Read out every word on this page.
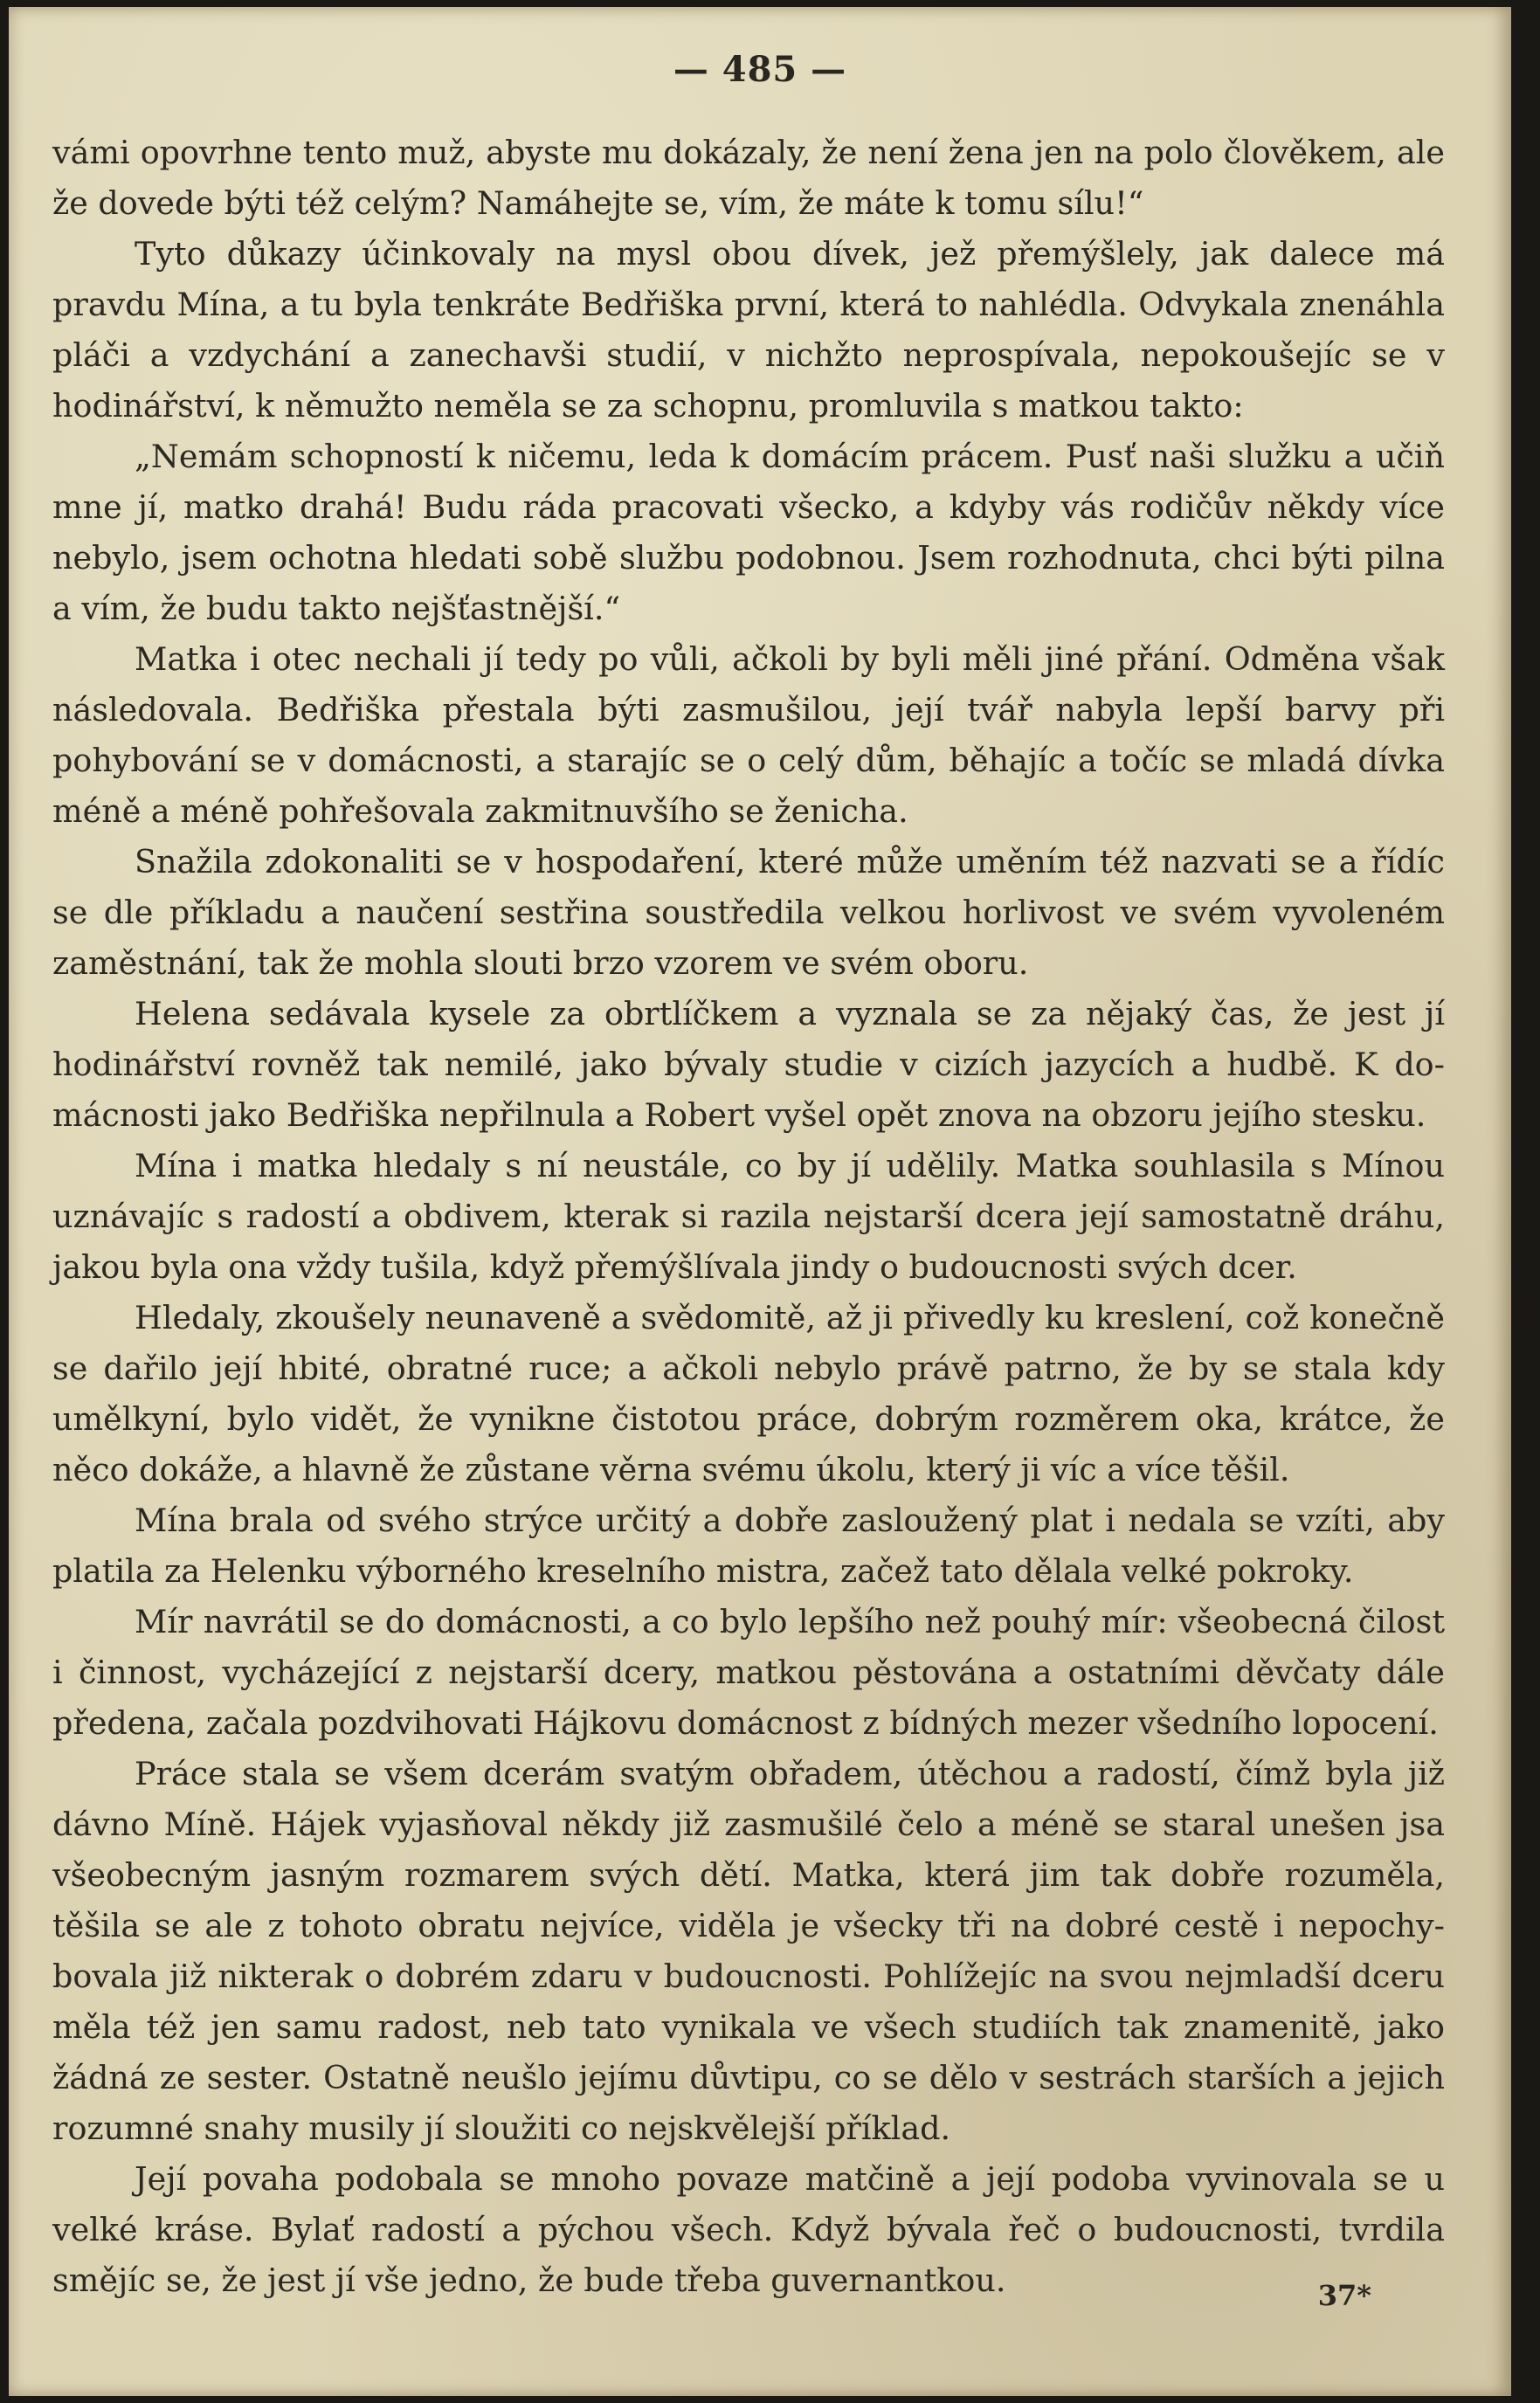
— 485 —

vámi opovrhne tento muž, abyste mu dokázaly, že není žena jen na polo člověkem, ale že dovede býti též celým? Namáhejte se, vím, že máte k tomu sílu!“

Tyto důkazy účinkovaly na mysl obou dívek, jež přemýšlely, jak dalece má pravdu Mína, a tu byla tenkráte Bedřiška první, která to nahlédla. Odvykala znenáhla pláči a vzdychání a zanechavši studií, v nichžto neprospívala, nepokoušejíc se v hodinářství, k němužto neměla se za schopnu, promluvila s matkou takto:

„Nemám schopností k ničemu, leda k domácím prácem. Pusť naši služku a učiň mne jí, matko drahá! Budu ráda pracovati všecko, a kdyby vás rodičův někdy více nebylo, jsem ochotna hledati sobě službu podobnou. Jsem rozhodnuta, chci býti pilna a vím, že budu takto nejšťastnější.“

Matka i otec nechali jí tedy po vůli, ačkoli by byli měli jiné přání. Odměna však následovala. Bedřiška přestala býti zasmušilou, její tvář nabyla lepší barvy při pohybování se v domácnosti, a starajíc se o celý dům, běhajíc a točíc se mladá dívka méně a méně pohřešovala zakmitnuvšího se ženicha.

Snažila zdokonaliti se v hospodaření, které může uměním též nazvati se a řídíc se dle příkladu a naučení sestřina soustředila velkou horlivost ve svém vyvoleném zaměstnání, tak že mohla slouti brzo vzorem ve svém oboru.

Helena sedávala kysele za obrtlíčkem a vyznala se za nějaký čas, že jest jí hodinářství rovněž tak nemilé, jako bývaly studie v cizích jazycích a hudbě. K domácnosti jako Bedřiška nepřilnula a Robert vyšel opět znova na obzoru jejího stesku.

Mína i matka hledaly s ní neustále, co by jí udělily. Matka souhlasila s Mínou uznávajíc s radostí a obdivem, kterak si razila nejstarší dcera její samostatně dráhu, jakou byla ona vždy tušila, když přemýšlívala jindy o budoucnosti svých dcer.

Hledaly, zkoušely neunaveně a svědomitě, až ji přivedly ku kreslení, což konečně se dařilo její hbité, obratné ruce; a ačkoli nebylo právě patrno, že by se stala kdy umělkyní, bylo vidět, že vynikne čistotou práce, dobrým rozměrem oka, krátce, že něco dokáže, a hlavně že zůstane věrna svému úkolu, který ji víc a více těšil.

Mína brala od svého strýce určitý a dobře zasloužený plat i nedala se vzíti, aby platila za Helenku výborného kreselního mistra, začež tato dělala velké pokroky.

Mír navrátil se do domácnosti, a co bylo lepšího než pouhý mír: všeobecná čilost i činnost, vycházející z nejstarší dcery, matkou pěstována a ostatními děvčaty dále předena, začala pozdvihovati Hájkovu domácnost z bídných mezer všedního lopocení.

Práce stala se všem dcerám svatým obřadem, útěchou a radostí, čímž byla již dávno Míně. Hájek vyjasňoval někdy již zasmušilé čelo a méně se staral unešen jsa všeobecným jasným rozmarem svých dětí. Matka, která jim tak dobře rozuměla, těšila se ale z tohoto obratu nejvíce, viděla je všecky tři na dobré cestě i nepochybovala již nikterak o dobrém zdaru v budoucnosti. Pohlížejíc na svou nejmladší dceru měla též jen samu radost, neb tato vynikala ve všech studiích tak znamenitě, jako žádná ze sester. Ostatně neušlo jejímu důvtipu, co se dělo v sestrách starších a jejich rozumné snahy musily jí sloužiti co nejskvělejší příklad.

Její povaha podobala se mnoho povaze matčině a její podoba vyvinovala se u velké krásе. Bylať radostí a pýchou všech. Když bývala řeč o budoucnosti, tvrdila smějíc se, že jest jí vše jedno, že bude třeba guvernantkou.	37*
